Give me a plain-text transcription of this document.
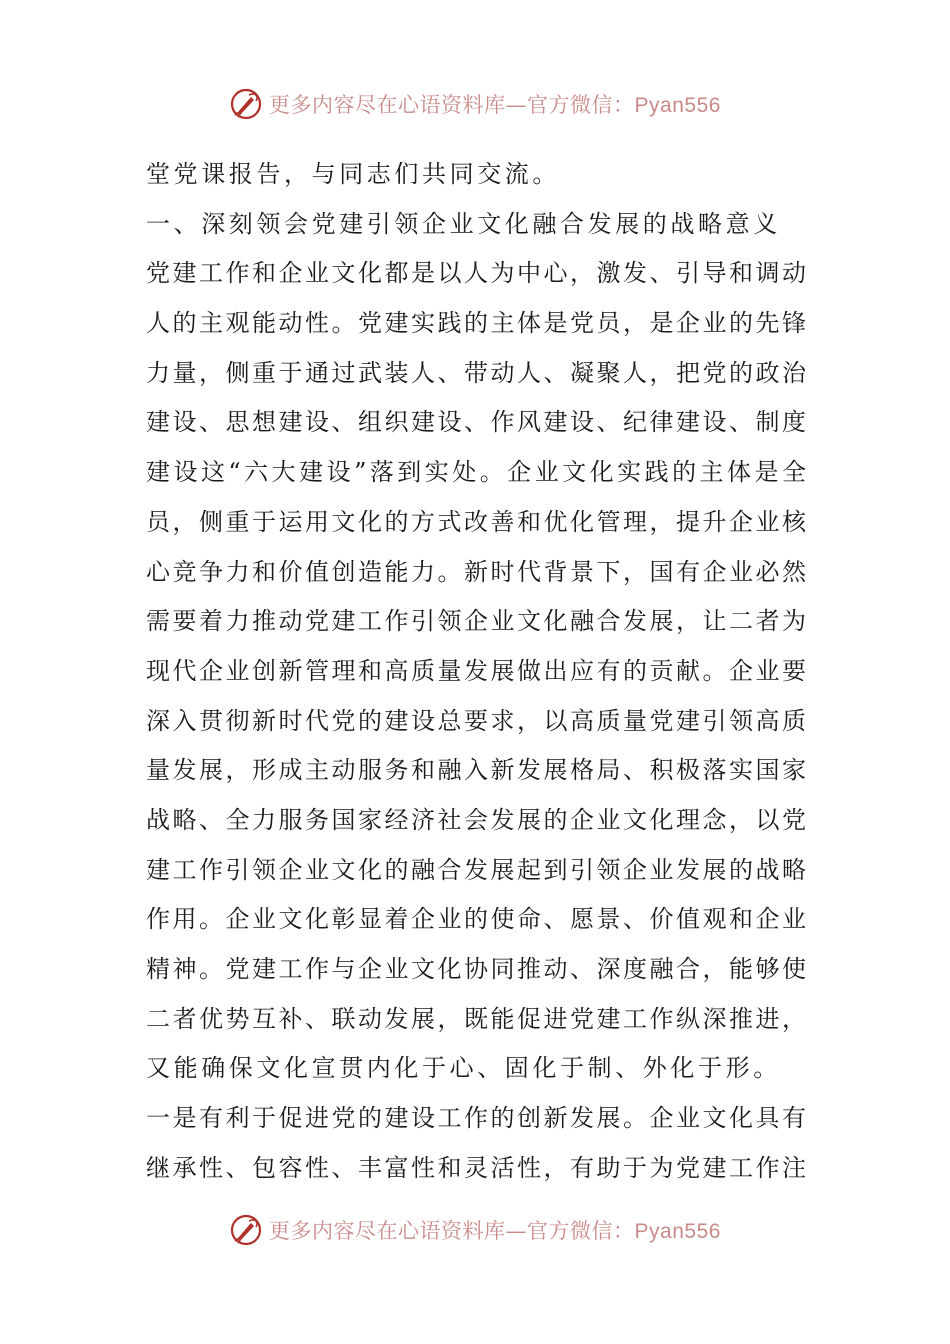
更多内容尽在心语资料库—官方微信：Pyan556
堂党课报告，与同志们共同交流。
一、深刻领会党建引领企业文化融合发展的战略意义
党建工作和企业文化都是以人为中心，激发、引导和调动
人的主观能动性。党建实践的主体是党员，是企业的先锋
力量，侧重于通过武装人、带动人、凝聚人，把党的政治
建设、思想建设、组织建设、作风建设、纪律建设、制度
建设这“六大建设”落到实处。企业文化实践的主体是全
员，侧重于运用文化的方式改善和优化管理，提升企业核
心竞争力和价值创造能力。新时代背景下，国有企业必然
需要着力推动党建工作引领企业文化融合发展，让二者为
现代企业创新管理和高质量发展做出应有的贡献。企业要
深入贯彻新时代党的建设总要求，以高质量党建引领高质
量发展，形成主动服务和融入新发展格局、积极落实国家
战略、全力服务国家经济社会发展的企业文化理念，以党
建工作引领企业文化的融合发展起到引领企业发展的战略
作用。企业文化彰显着企业的使命、愿景、价值观和企业
精神。党建工作与企业文化协同推动、深度融合，能够使
二者优势互补、联动发展，既能促进党建工作纵深推进，
又能确保文化宣贯内化于心、固化于制、外化于形。
一是有利于促进党的建设工作的创新发展。企业文化具有
继承性、包容性、丰富性和灵活性，有助于为党建工作注
更多内容尽在心语资料库—官方微信：Pyan556
